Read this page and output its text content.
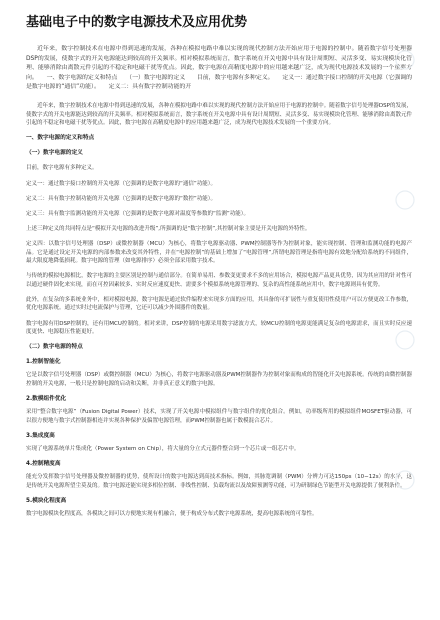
基础电子中的数字电源技术及应用优势

近年来，数字控制技术在电源中得到迅速的发展，各种在模拟电路中难以实现的现代控制方法开始应用于电源的控制中。随着数字信号处理器DSP的发展，使数字式的开关电源能达到较高的开关频率。相对模拟系统而言，数字系统在开关电源中具有设计周期短、灵活多变、易实现模块化管理、能够消除由离散元件引起的不稳定和电磁干扰等优点。因此，数字电源在高精度电源中的应用越来越广泛，成为现代电源技术发展的一个重要方向。　　一、数字电源的定义和特点　　（一）数字电源的定义　　目前，数字电源有多种定义。　　定义一：通过数字接口控制的开关电源（它强调的是数字电源的“通信”功能）。　　定义二：具有数字控制功能的开

近年来，数字控制技术在电源中得到迅速的发展，各种在模拟电路中难以实现的现代控制方法开始应用于电源的控制中。随着数字信号处理器DSP的发展，使数字式的开关电源能达到较高的开关频率。相对模拟系统而言，数字系统在开关电源中具有设计周期短、灵活多变、易实现模块化管理、能够消除由离散元件引起的不稳定和电磁干扰等优点。因此，数字电源在高精度电源中的应用越来越广泛，成为现代电源技术发展的一个重要方向。

一、数字电源的定义和特点

（一）数字电源的定义

目前，数字电源有多种定义。

定义一：通过数字接口控制的开关电源（它强调的是数字电源的“通信”功能）。

定义二：具有数字控制功能的开关电源（它强调的是数字电源的“数控”功能）。

定义三：具有数字监测功能的开关电源（它强调的是数字电源对温度等参数的“监测”功能）。

上述三种定义的共同特点是“模拟开关电源的改进升级”,所强调的是“数字控制”,其控制对象主要是开关电源的外特性。

定义四：以数字信号处理器（DSP）或微控制器（MCU）为核心，将数字电源驱动器、PWM控制器等作为控制对象，能实现控制、管理和监测功能的电源产品。它是通过设定开关电源的内部参数来改变其外特性，并在“电源控制”的基础上增加了“电源管理”,所谓电源管理是指将电源有效地分配给系统的不同组件，最大限度地降低损耗。数字电源的管理（如电源排序）必须全部采用数字技术。

与传统的模拟电源相比，数字电源的主要区别是控制与通信部分。在简单易用、参数变更要求不多的应用场合，模拟电源产品更具优势，因为其应用的针对性可以通过硬件固化来实现，而在可控因素较多、实时反应速度更快、需要多个模拟系统电源管理的、复杂的高性能系统应用中，数字电源则具有优势。

此外，在复杂的多系统业务中，相对模拟电源，数字电源是通过软件编程来实现多方面的应用，其具备的可扩展性与重复使用性使用户可以方便更改工作参数，优化电源系统。通过实时过电流保护与管理，它还可以减少外围器件的数量。

数字电源有用DSP控制的，还有用MCU控制的。相对来讲，DSP控制的电源采用数字滤波方式，较MCU控制的电源更能满足复杂的电源需求，而且实时反应速度更快、电源稳压性能更好。

（二）数字电源的特点

1.控制智能化

它是以数字信号处理器（DSP）或微控制器（MCU）为核心，将数字电源驱动器及PWM控制器作为控制对象而构成的智能化开关电源系统。传统的由微控制器控制的开关电源，一般只是控制电源的启动和关断，并非真正意义的数字电源。

2.数模组件优化

采用“整合数字电源”（Fusion Digital Power）技术，实现了开关电源中模拟组件与数字组件的优化组合。例如，功率级所用的模拟组件MOSFET驱动器，可以很方便地与数字式控制器相连并实现各种保护及偏置电源管理，而PWM控制器也属于数模混合芯片。

3.集成度高

实现了电源系统单片集成化（Power System on Chip），将大量的分立式元器件整合到一个芯片或一组芯片中。

4.控制精度高

能充分发挥数字信号处理器及微控制器的优势，使所设计的数字电源达到高技术指标。例如，其脉宽调制（PWM）分辨力可达150ps（10−12s）的水平，这是传统开关电源所望尘莫及的。数字电源还能实现多相位控制、非线性控制、负载均流以及故障预测等功能，可为研制绿色节能型开关电源提供了便利条件。

5.模块化程度高

数字电源模块化程度高，各模块之间可以方便地实现有机融合，便于构成分布式数字电源系统，提高电源系统的可靠性。
